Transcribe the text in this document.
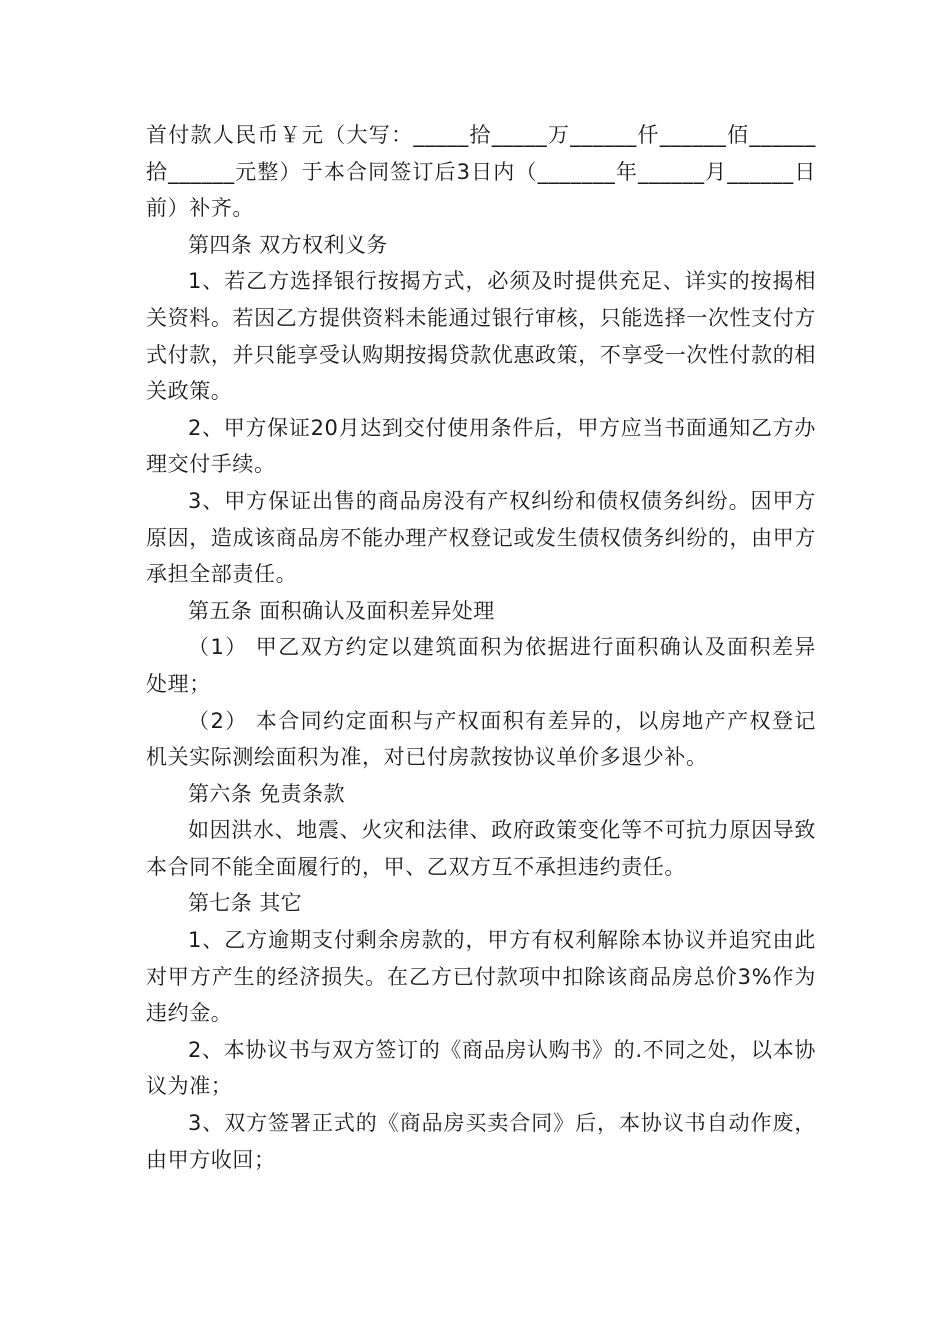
首付款人民币￥元（大写：_____拾_____万______仟______佰______拾______元整）于本合同签订后3日内（_______年______月______日前）补齐。

第四条 双方权利义务

1、若乙方选择银行按揭方式，必须及时提供充足、详实的按揭相关资料。若因乙方提供资料未能通过银行审核，只能选择一次性支付方式付款，并只能享受认购期按揭贷款优惠政策，不享受一次性付款的相关政策。

2、甲方保证20月达到交付使用条件后，甲方应当书面通知乙方办理交付手续。

3、甲方保证出售的商品房没有产权纠纷和债权债务纠纷。因甲方原因，造成该商品房不能办理产权登记或发生债权债务纠纷的，由甲方承担全部责任。

第五条 面积确认及面积差异处理

（1） 甲乙双方约定以建筑面积为依据进行面积确认及面积差异 处理；

（2） 本合同约定面积与产权面积有差异的，以房地产产权登记 机关实际测绘面积为准，对已付房款按协议单价多退少补。

第六条 免责条款

如因洪水、地震、火灾和法律、政府政策变化等不可抗力原因导致本合同不能全面履行的，甲、乙双方互不承担违约责任。

第七条 其它

1、乙方逾期支付剩余房款的，甲方有权利解除本协议并追究由此对甲方产生的经济损失。在乙方已付款项中扣除该商品房总价3%作为违约金。

2、本协议书与双方签订的《商品房认购书》的.不同之处，以本协议为准；

3、双方签署正式的《商品房买卖合同》后，本协议书自动作废，由甲方收回；
